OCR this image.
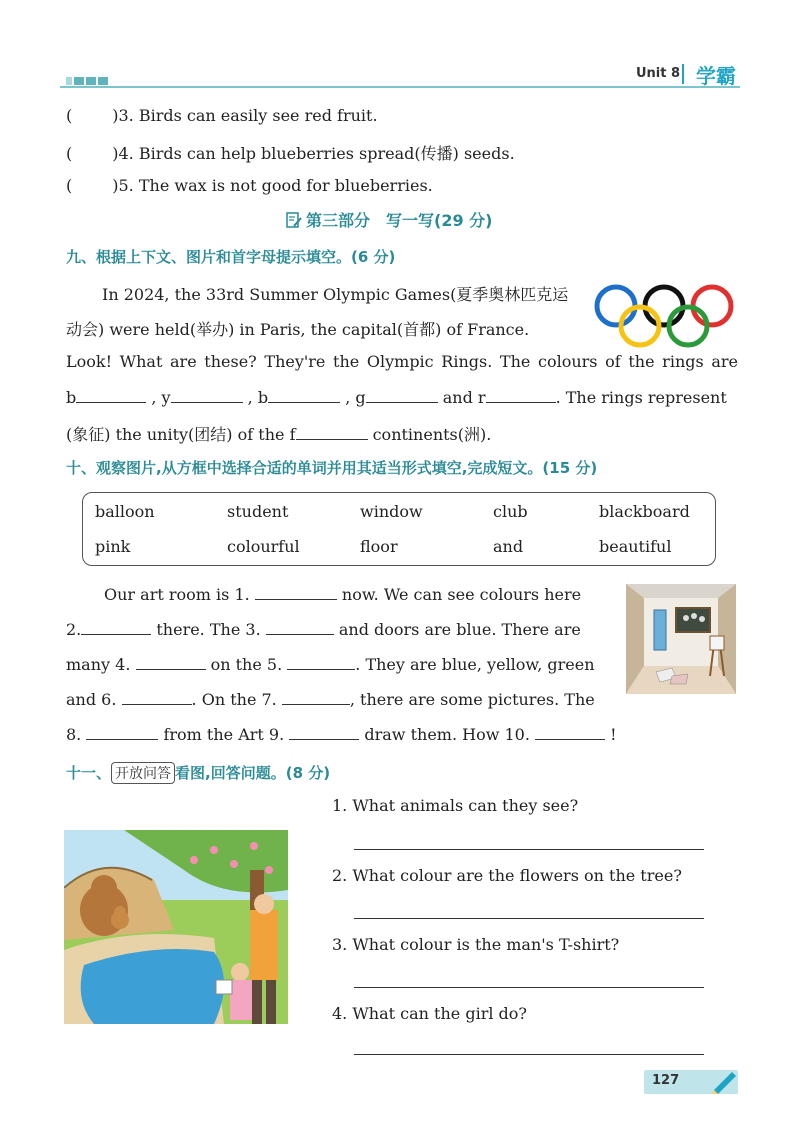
Unit 8 学霸
(	)3. Birds can easily see red fruit.
(	)4. Birds can help blueberries spread(传播) seeds.
(	)5. The wax is not good for blueberries.
第三部分　写一写(29 分)
九、根据上下文、图片和首字母提示填空。(6 分)
In 2024, the 33rd Summer Olympic Games(夏季奥林匹克运
动会) were held(举办) in Paris, the capital(首都) of France.
Look! What are these? They're the Olympic Rings. The colours of the rings are
b	, y	, b	, g	and r	. The rings represent
(象征) the unity(团结) of the f	continents(洲).
十、观察图片,从方框中选择合适的单词并用其适当形式填空,完成短文。(15 分)
balloon	student	window	club	blackboard
pink	colourful	floor	and	beautiful
Our art room is 1.	now. We can see colours here
2.	there. The 3.	and doors are blue. There are
many 4.	on the 5.	. They are blue, yellow, green
and 6.	. On the 7.	, there are some pictures. The
8.	from the Art 9.	draw them. How 10.	!
十一、 开放问答 看图,回答问题。(8 分)
1. What animals can they see?
2. What colour are the flowers on the tree?
3. What colour is the man's T-shirt?
4. What can the girl do?
127
